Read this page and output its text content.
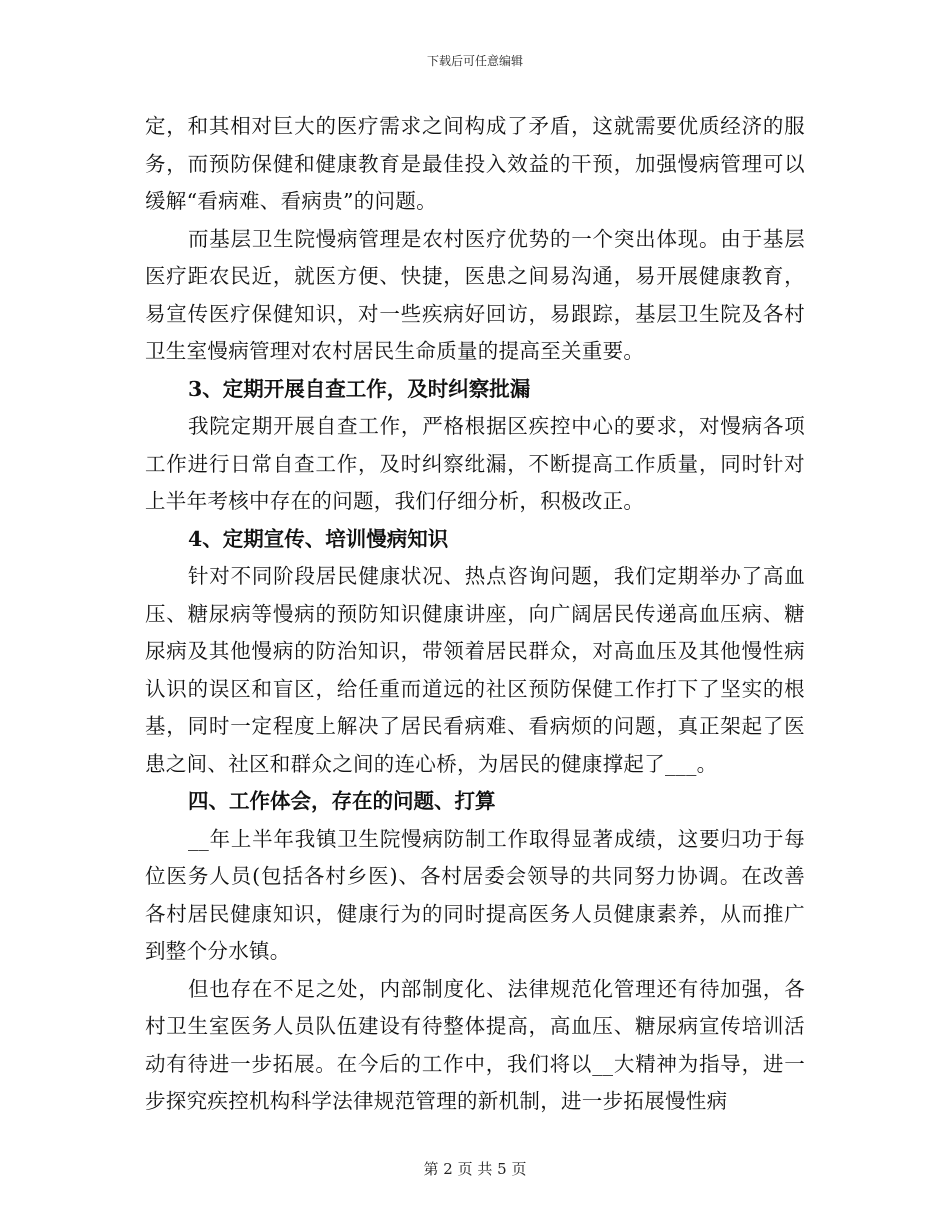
下载后可任意编辑

定，和其相对巨大的医疗需求之间构成了矛盾，这就需要优质经济的服务，而预防保健和健康教育是最佳投入效益的干预，加强慢病管理可以缓解“看病难、看病贵”的问题。

而基层卫生院慢病管理是农村医疗优势的一个突出体现。由于基层医疗距农民近，就医方便、快捷，医患之间易沟通，易开展健康教育，易宣传医疗保健知识，对一些疾病好回访，易跟踪，基层卫生院及各村卫生室慢病管理对农村居民生命质量的提高至关重要。

3、定期开展自查工作，及时纠察批漏

我院定期开展自查工作，严格根据区疾控中心的要求，对慢病各项工作进行日常自查工作，及时纠察纰漏，不断提高工作质量，同时针对上半年考核中存在的问题，我们仔细分析，积极改正。

4、定期宣传、培训慢病知识

针对不同阶段居民健康状况、热点咨询问题，我们定期举办了高血压、糖尿病等慢病的预防知识健康讲座，向广阔居民传递高血压病、糖尿病及其他慢病的防治知识，带领着居民群众，对高血压及其他慢性病认识的误区和盲区，给任重而道远的社区预防保健工作打下了坚实的根基，同时一定程度上解决了居民看病难、看病烦的问题，真正架起了医患之间、社区和群众之间的连心桥，为居民的健康撑起了___。

四、工作体会，存在的问题、打算

__年上半年我镇卫生院慢病防制工作取得显著成绩，这要归功于每位医务人员(包括各村乡医)、各村居委会领导的共同努力协调。在改善各村居民健康知识，健康行为的同时提高医务人员健康素养，从而推广到整个分水镇。

但也存在不足之处，内部制度化、法律规范化管理还有待加强，各村卫生室医务人员队伍建设有待整体提高，高血压、糖尿病宣传培训活动有待进一步拓展。在今后的工作中，我们将以__大精神为指导，进一步探究疾控机构科学法律规范管理的新机制，进一步拓展慢性病

第 2 页 共 5 页
